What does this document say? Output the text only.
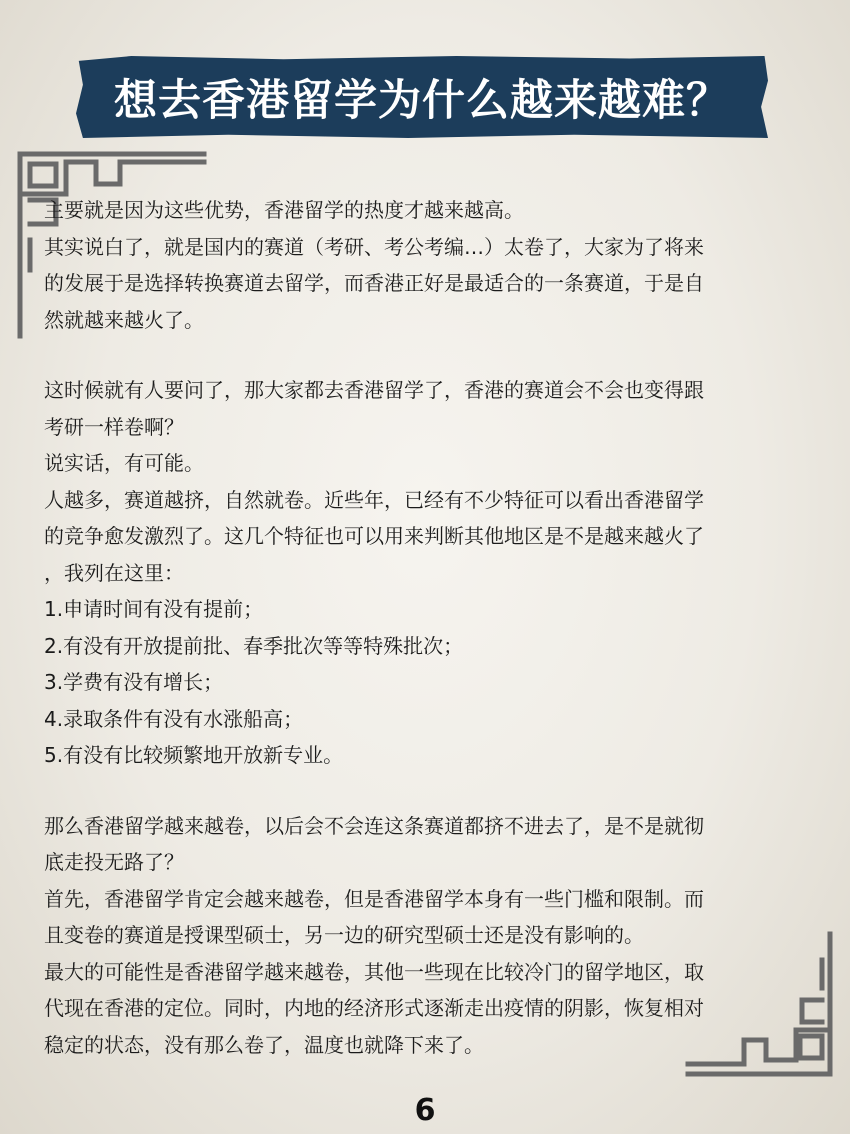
想去香港留学为什么越来越难？

主要就是因为这些优势，香港留学的热度才越来越高。

其实说白了，就是国内的赛道（考研、考公考编…）太卷了，大家为了将来

的发展于是选择转换赛道去留学，而香港正好是最适合的一条赛道，于是自

然就越来越火了。

这时候就有人要问了，那大家都去香港留学了，香港的赛道会不会也变得跟

考研一样卷啊？

说实话，有可能。

人越多，赛道越挤，自然就卷。近些年，已经有不少特征可以看出香港留学

的竞争愈发激烈了。这几个特征也可以用来判断其他地区是不是越来越火了

，我列在这里：

1.申请时间有没有提前；

2.有没有开放提前批、春季批次等等特殊批次；

3.学费有没有增长；

4.录取条件有没有水涨船高；

5.有没有比较频繁地开放新专业。

那么香港留学越来越卷，以后会不会连这条赛道都挤不进去了，是不是就彻

底走投无路了？

首先，香港留学肯定会越来越卷，但是香港留学本身有一些门槛和限制。而

且变卷的赛道是授课型硕士，另一边的研究型硕士还是没有影响的。

最大的可能性是香港留学越来越卷，其他一些现在比较冷门的留学地区，取

代现在香港的定位。同时，内地的经济形式逐渐走出疫情的阴影，恢复相对

稳定的状态，没有那么卷了，温度也就降下来了。

6
